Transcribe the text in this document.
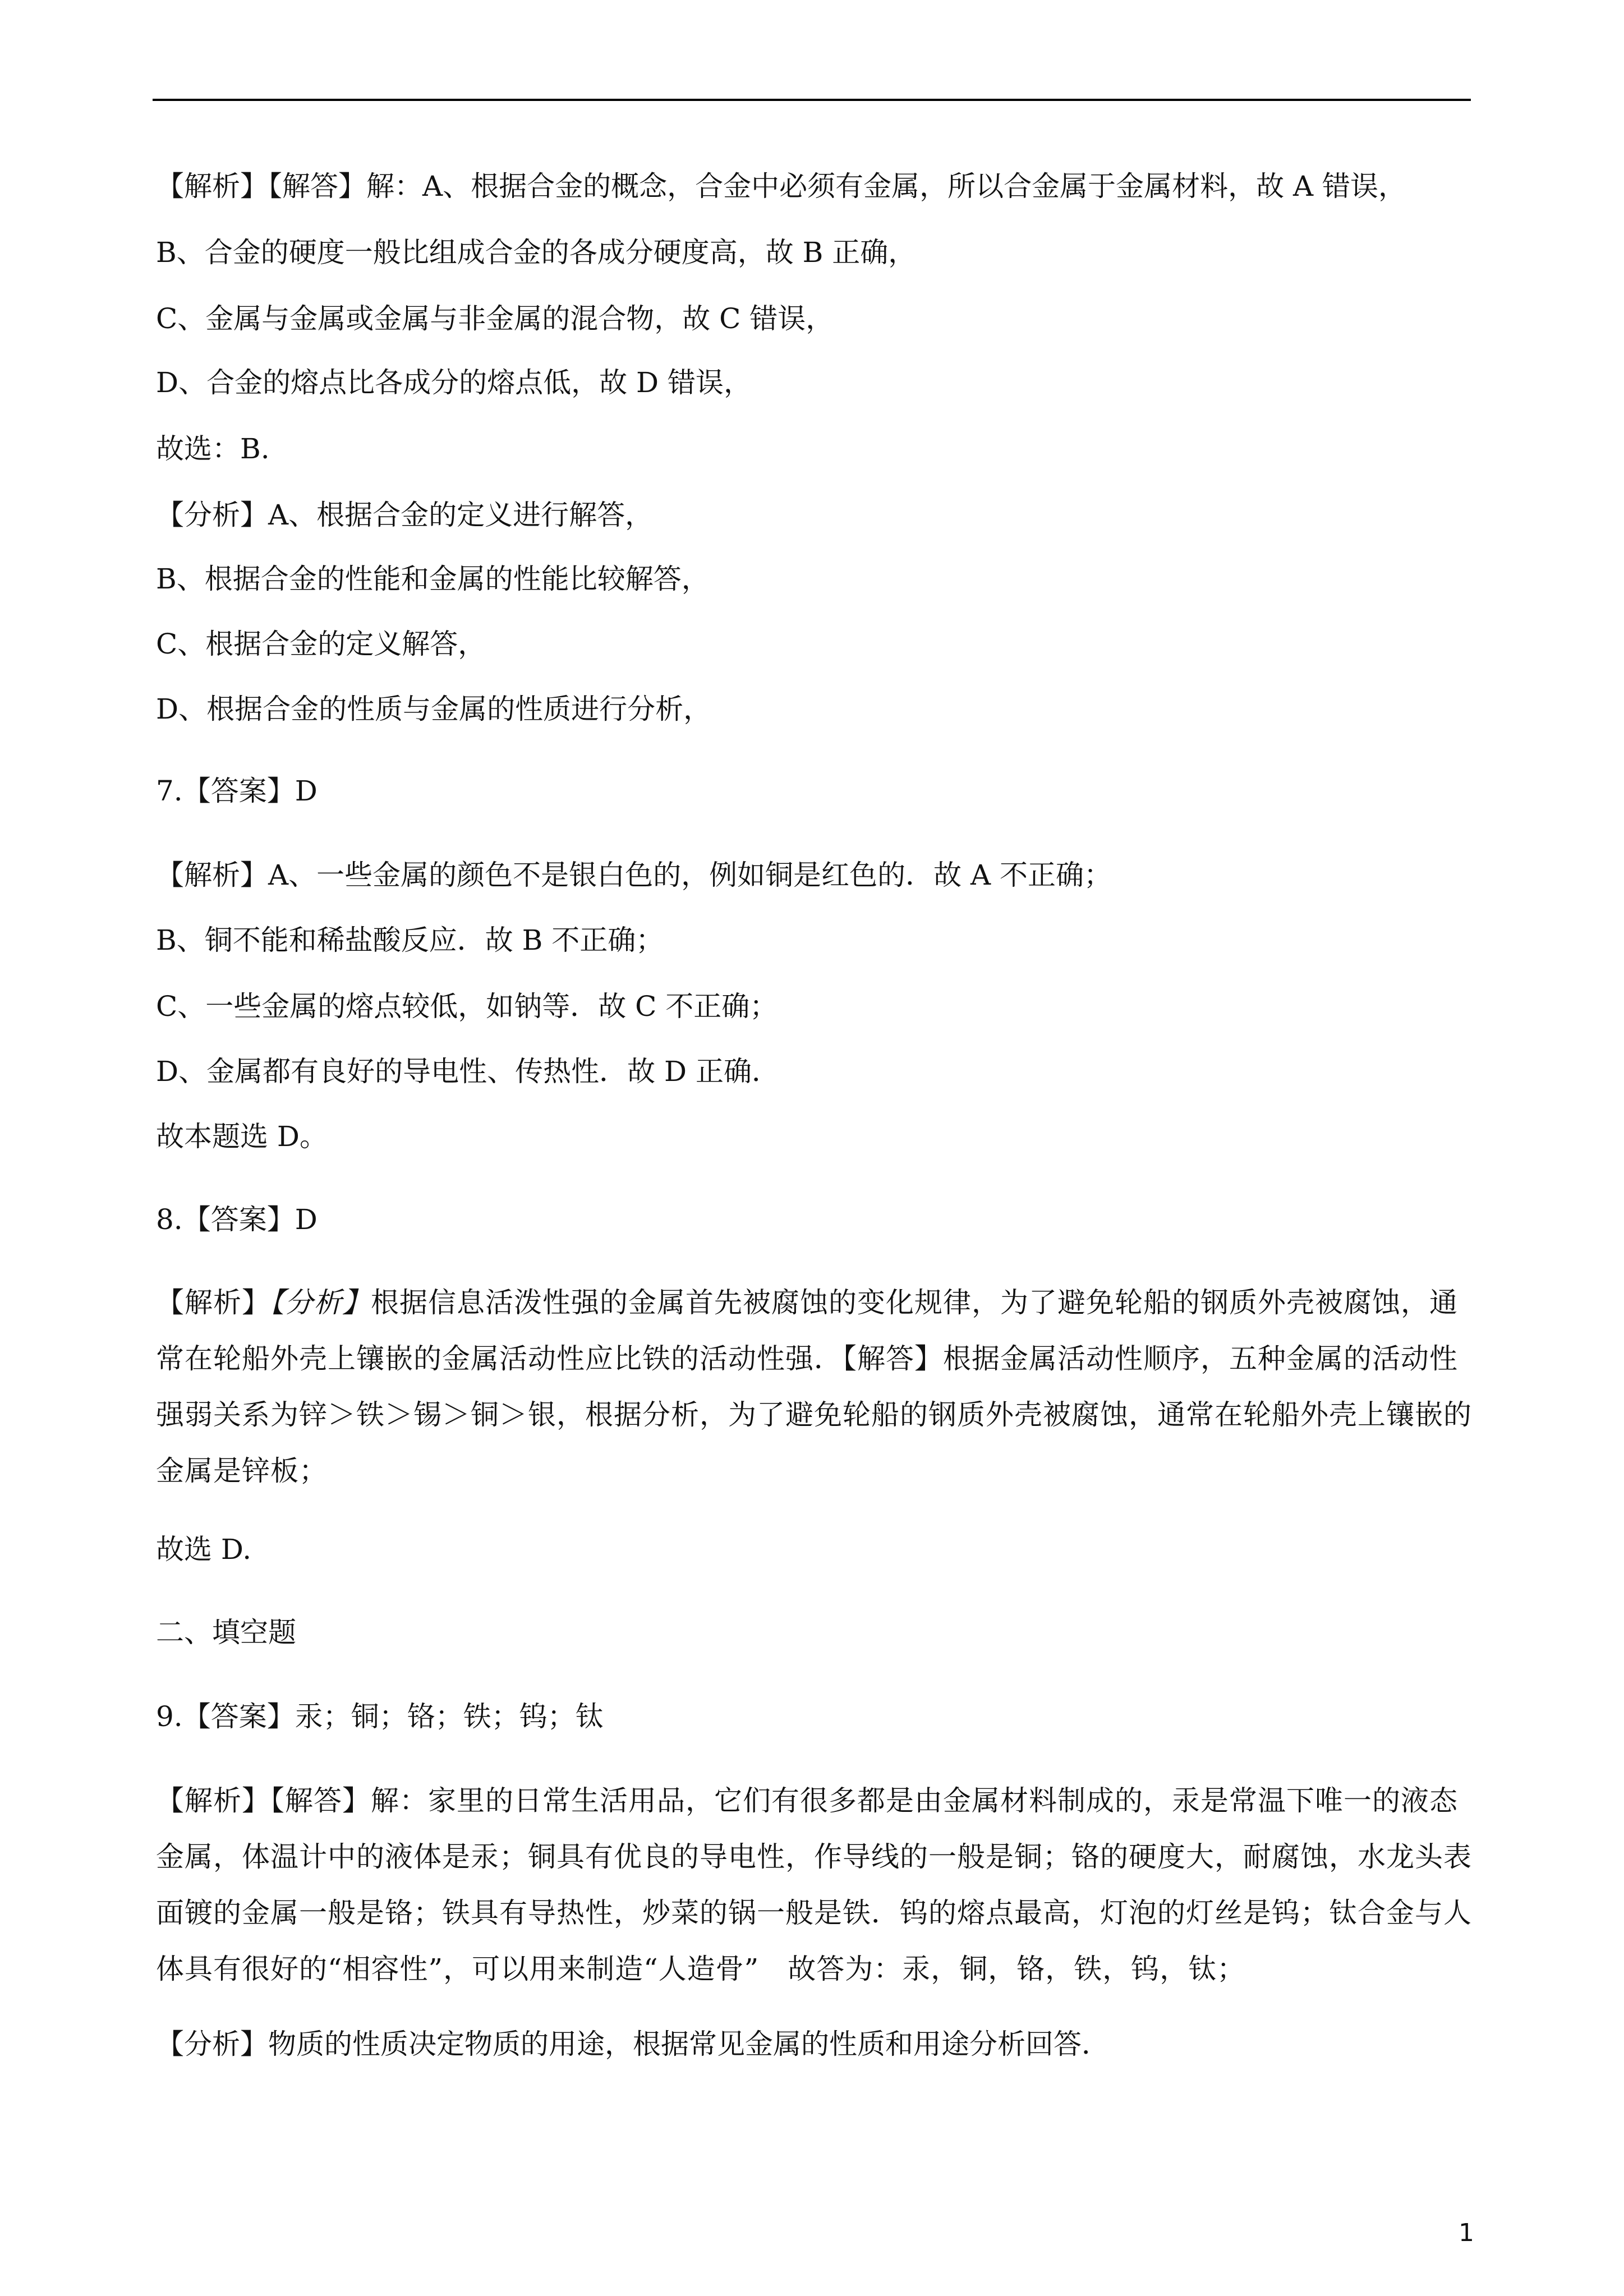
【解析】【解答】解：A、根据合金的概念，合金中必须有金属，所以合金属于金属材料，故 A 错误，
B、合金的硬度一般比组成合金的各成分硬度高，故 B 正确，
C、金属与金属或金属与非金属的混合物，故 C 错误，
D、合金的熔点比各成分的熔点低，故 D 错误，
故选：B.
【分析】A、根据合金的定义进行解答，
B、根据合金的性能和金属的性能比较解答，
C、根据合金的定义解答，
D、根据合金的性质与金属的性质进行分析，
7.【答案】D
【解析】A、一些金属的颜色不是银白色的，例如铜是红色的．故 A 不正确；
B、铜不能和稀盐酸反应．故 B 不正确；
C、一些金属的熔点较低，如钠等．故 C 不正确；
D、金属都有良好的导电性、传热性．故 D 正确．
故本题选 D。
8.【答案】D
【解析】【分析】根据信息活泼性强的金属首先被腐蚀的变化规律，为了避免轮船的钢质外壳被腐蚀，通常在轮船外壳上镶嵌的金属活动性应比铁的活动性强．【解答】根据金属活动性顺序，五种金属的活动性强弱关系为锌＞铁＞锡＞铜＞银，根据分析，为了避免轮船的钢质外壳被腐蚀，通常在轮船外壳上镶嵌的金属是锌板；
故选 D.
二、填空题
9.【答案】汞；铜；铬；铁；钨；钛
【解析】【解答】解：家里的日常生活用品，它们有很多都是由金属材料制成的，汞是常温下唯一的液态金属，体温计中的液体是汞；铜具有优良的导电性，作导线的一般是铜；铬的硬度大，耐腐蚀，水龙头表面镀的金属一般是铬；铁具有导热性，炒菜的锅一般是铁．钨的熔点最高，灯泡的灯丝是钨；钛合金与人体具有很好的“相容性”，可以用来制造“人造骨”　故答为：汞，铜，铬，铁，钨，钛；
【分析】物质的性质决定物质的用途，根据常见金属的性质和用途分析回答．
1
